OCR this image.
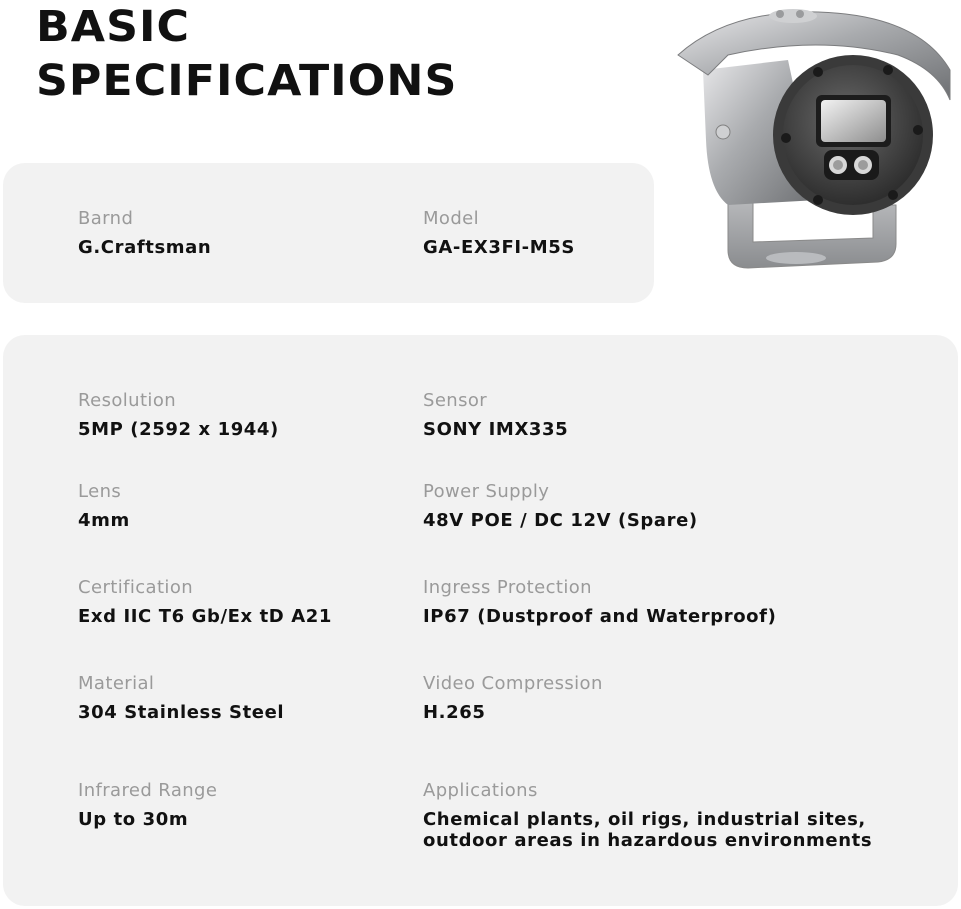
BASIC
SPECIFICATIONS
Barnd
G.Craftsman
Model
GA-EX3FI-M5S
Resolution
5MP (2592 x 1944)
Sensor
SONY IMX335
Lens
4mm
Power Supply
48V POE / DC 12V (Spare)
Certification
Exd IIC T6 Gb/Ex tD A21
Ingress Protection
IP67 (Dustproof and Waterproof)
Material
304 Stainless Steel
Video Compression
H.265
Infrared Range
Up to 30m
Applications
Chemical plants, oil rigs, industrial sites, outdoor areas in hazardous environments
